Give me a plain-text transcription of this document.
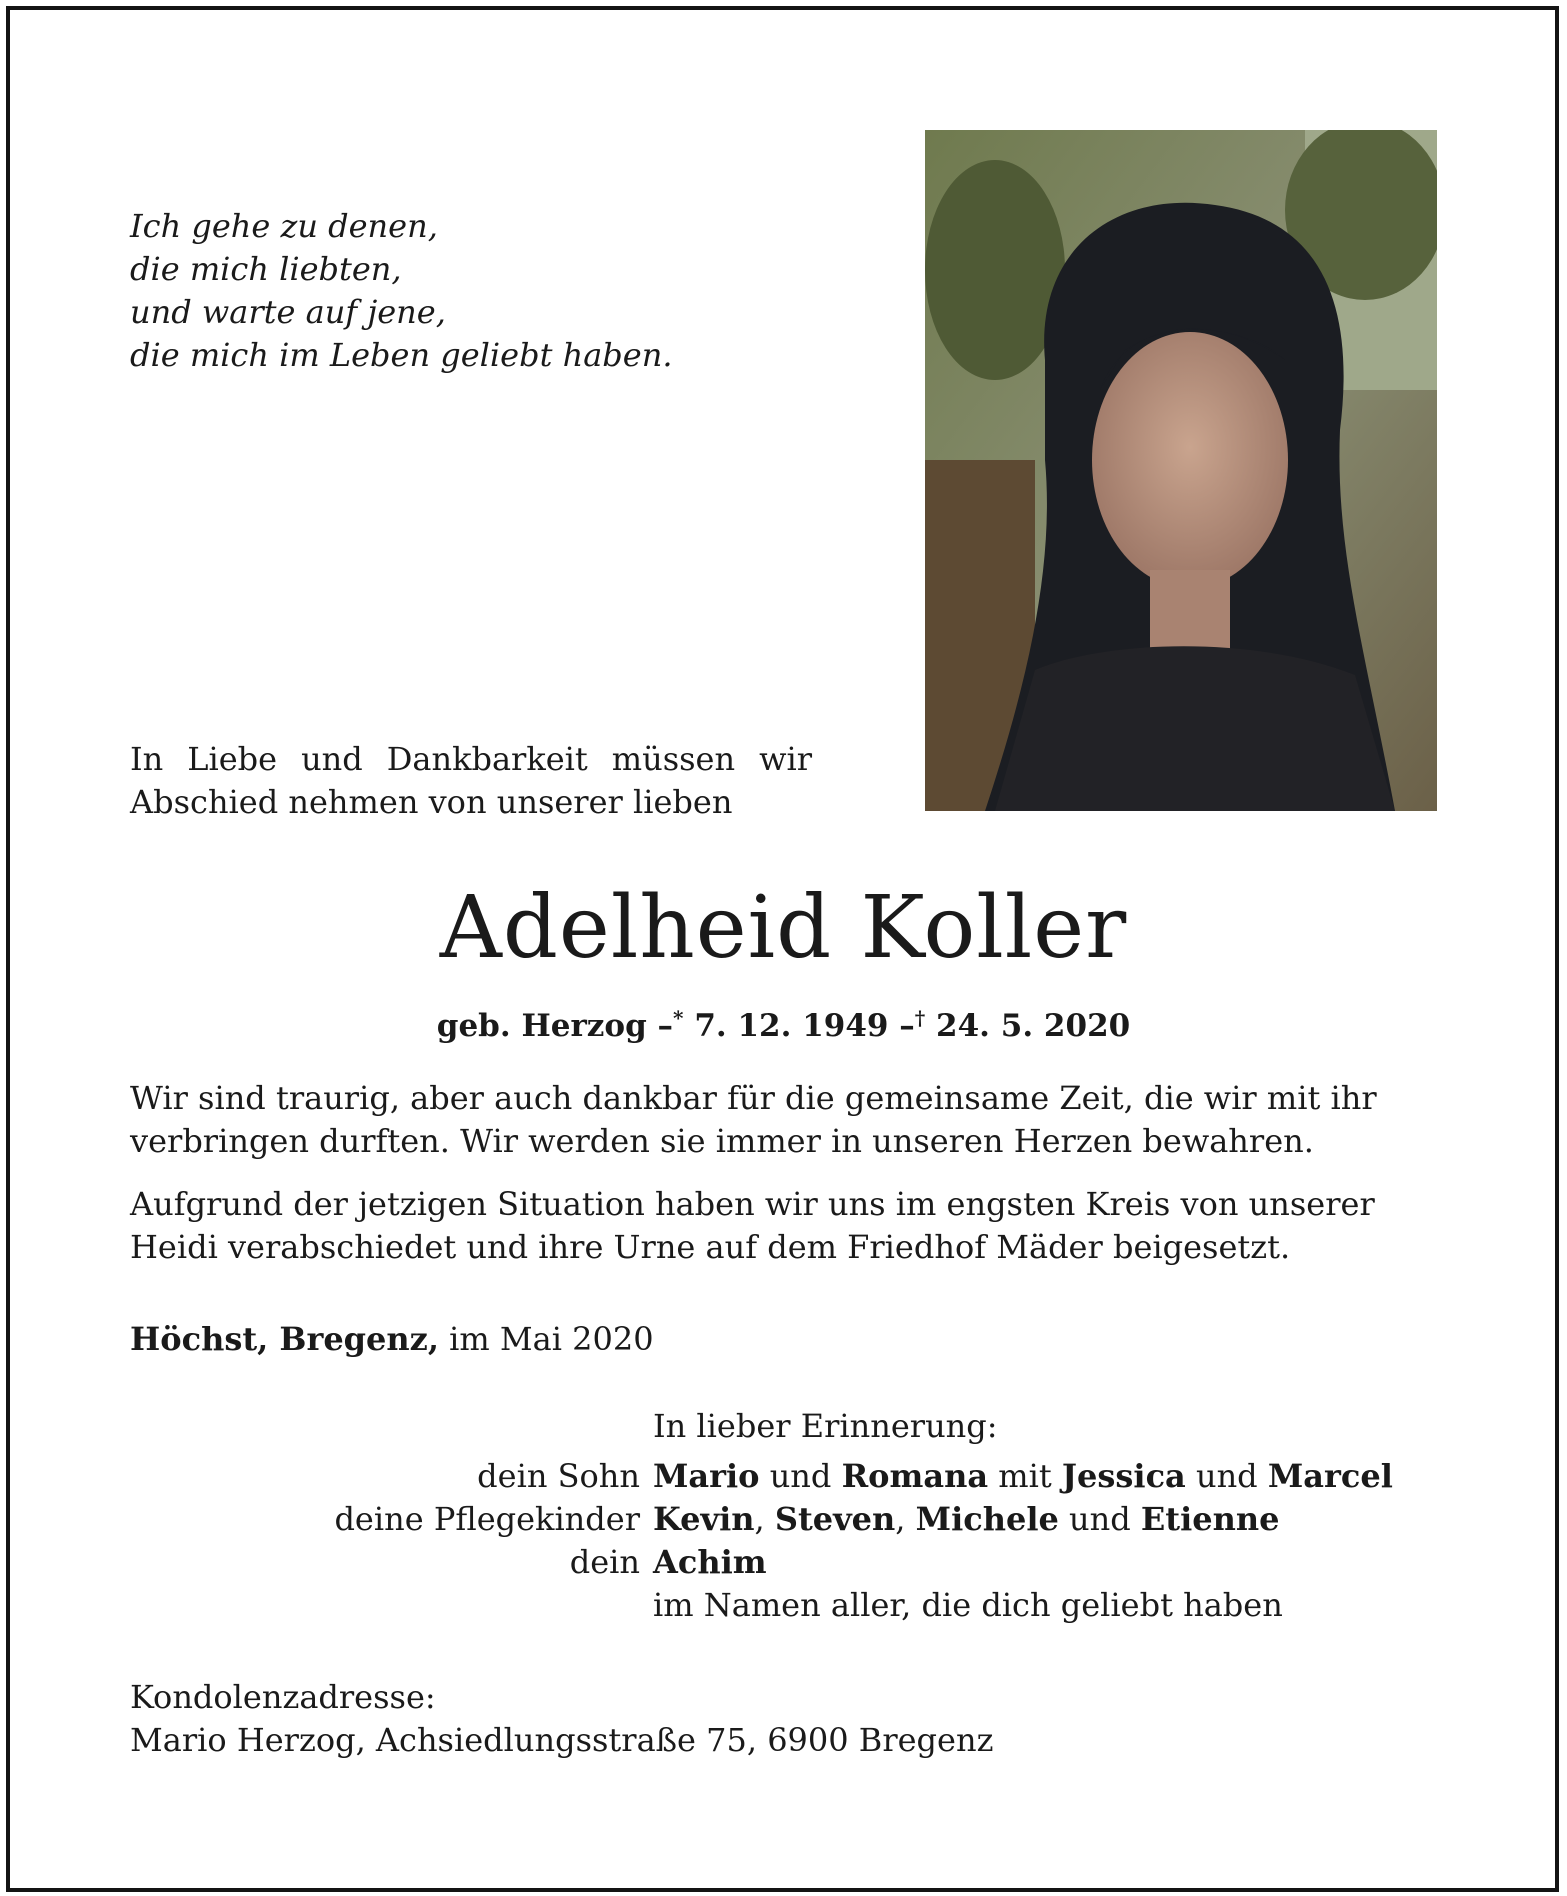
Ich gehe zu denen,
die mich liebten,
und warte auf jene,
die mich im Leben geliebt haben.
In Liebe und Dankbarkeit müssen wir
Abschied nehmen von unserer lieben
Adelheid Koller
geb. Herzog –* 7. 12. 1949 –† 24. 5. 2020
Wir sind traurig, aber auch dankbar für die gemeinsame Zeit, die wir mit ihr
verbringen durften. Wir werden sie immer in unseren Herzen bewahren.
Aufgrund der jetzigen Situation haben wir uns im engsten Kreis von unserer
Heidi verabschiedet und ihre Urne auf dem Friedhof Mäder beigesetzt.
Höchst, Bregenz, im Mai 2020
In lieber Erinnerung:
dein Sohn
deine Pflegekinder
dein
Mario und Romana mit Jessica und Marcel
Kevin, Steven, Michele und Etienne
Achim
im Namen aller, die dich geliebt haben
Kondolenzadresse:
Mario Herzog, Achsiedlungsstraße 75, 6900 Bregenz
